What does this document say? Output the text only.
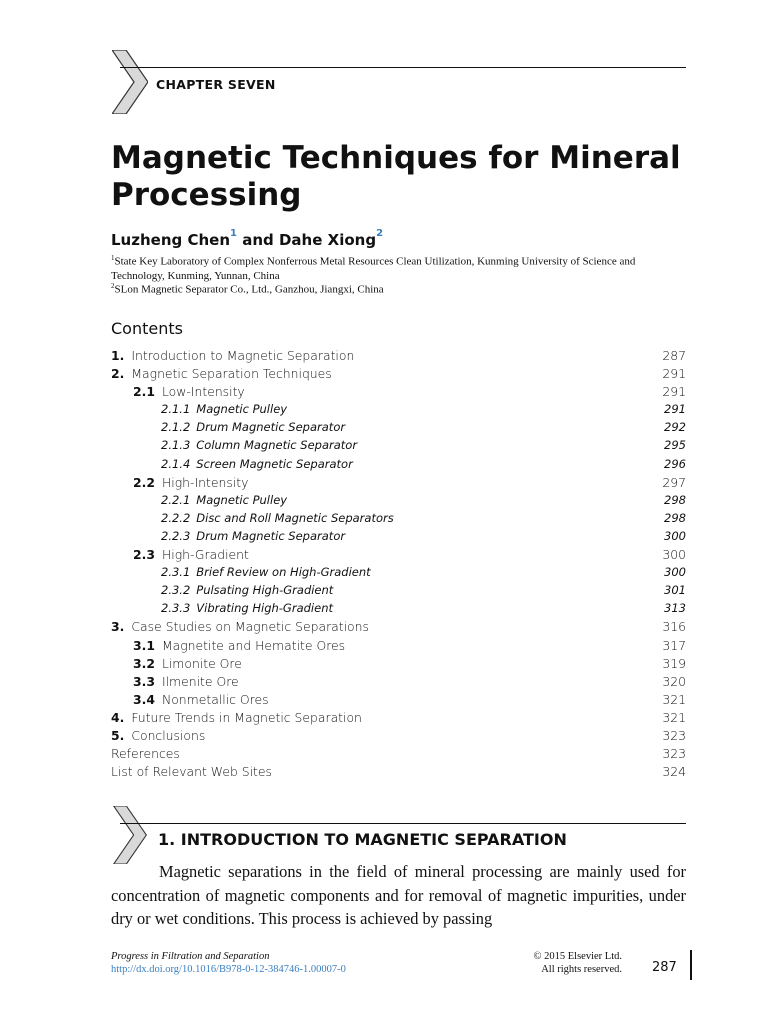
CHAPTER SEVEN
Magnetic Techniques for Mineral Processing
Luzheng Chen$^1$ and Dahe Xiong$^2$
$^1$State Key Laboratory of Complex Nonferrous Metal Resources Clean Utilization, Kunming University of Science and Technology, Kunming, Yunnan, China
$^2$SLon Magnetic Separator Co., Ltd., Ganzhou, Jiangxi, China
Contents
1. Introduction to Magnetic Separation	287
2. Magnetic Separation Techniques	291
2.1 Low-Intensity	291
2.1.1 Magnetic Pulley	291
2.1.2 Drum Magnetic Separator	292
2.1.3 Column Magnetic Separator	295
2.1.4 Screen Magnetic Separator	296
2.2 High-Intensity	297
2.2.1 Magnetic Pulley	298
2.2.2 Disc and Roll Magnetic Separators	298
2.2.3 Drum Magnetic Separator	300
2.3 High-Gradient	300
2.3.1 Brief Review on High-Gradient	300
2.3.2 Pulsating High-Gradient	301
2.3.3 Vibrating High-Gradient	313
3. Case Studies on Magnetic Separations	316
3.1 Magnetite and Hematite Ores	317
3.2 Limonite Ore	319
3.3 Ilmenite Ore	320
3.4 Nonmetallic Ores	321
4. Future Trends in Magnetic Separation	321
5. Conclusions	323
References	323
List of Relevant Web Sites	324
1. INTRODUCTION TO MAGNETIC SEPARATION

Magnetic separations in the field of mineral processing are mainly used for concentration of magnetic components and for removal of magnetic impurities, under dry or wet conditions. This process is achieved by passing

Progress in Filtration and Separation
http://dx.doi.org/10.1016/B978-0-12-384746-1.00007-0
© 2015 Elsevier Ltd.
All rights reserved. 287
